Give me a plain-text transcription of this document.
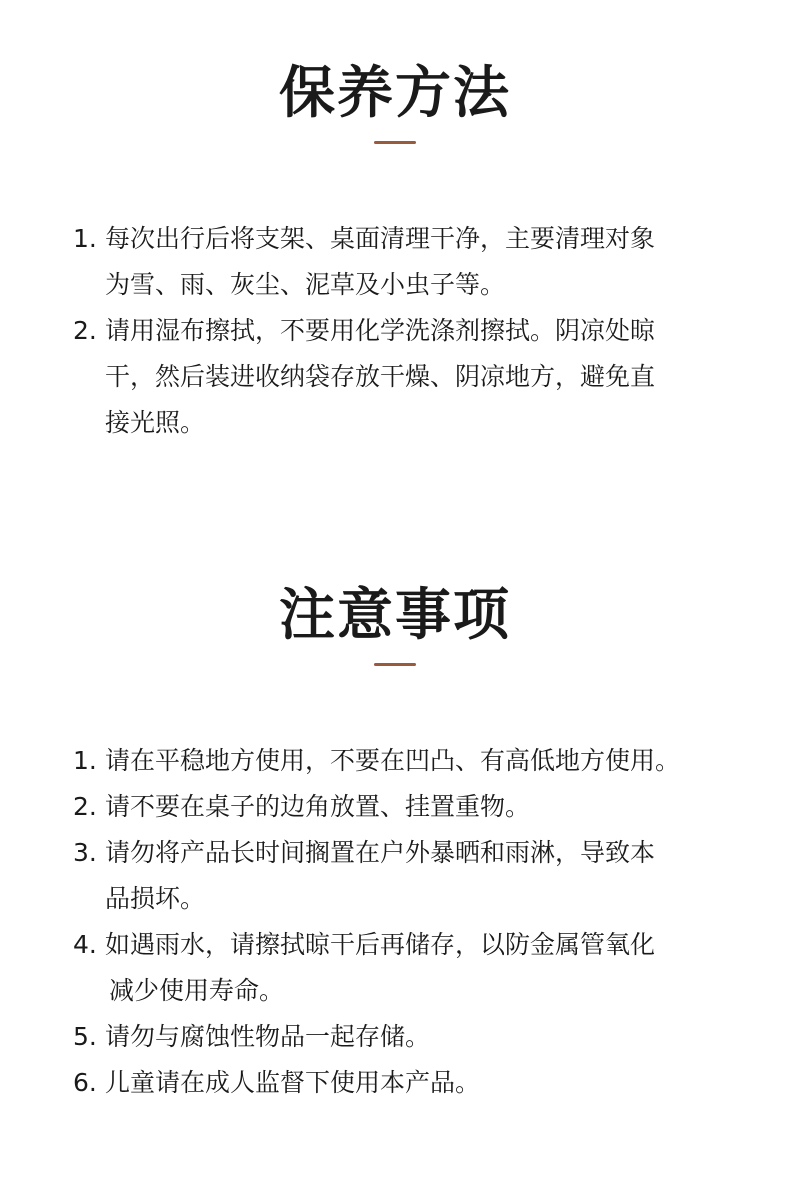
保养方法
1. 每次出行后将支架、桌面清理干净，主要清理对象
为雪、雨、灰尘、泥草及小虫子等。
2. 请用湿布擦拭，不要用化学洗涤剂擦拭。阴凉处晾
干，然后装进收纳袋存放干燥、阴凉地方，避免直
接光照。
注意事项
1. 请在平稳地方使用，不要在凹凸、有高低地方使用。
2. 请不要在桌子的边角放置、挂置重物。
3. 请勿将产品长时间搁置在户外暴晒和雨淋，导致本
品损坏。
4. 如遇雨水，请擦拭晾干后再储存，以防金属管氧化
减少使用寿命。
5. 请勿与腐蚀性物品一起存储。
6. 儿童请在成人监督下使用本产品。
